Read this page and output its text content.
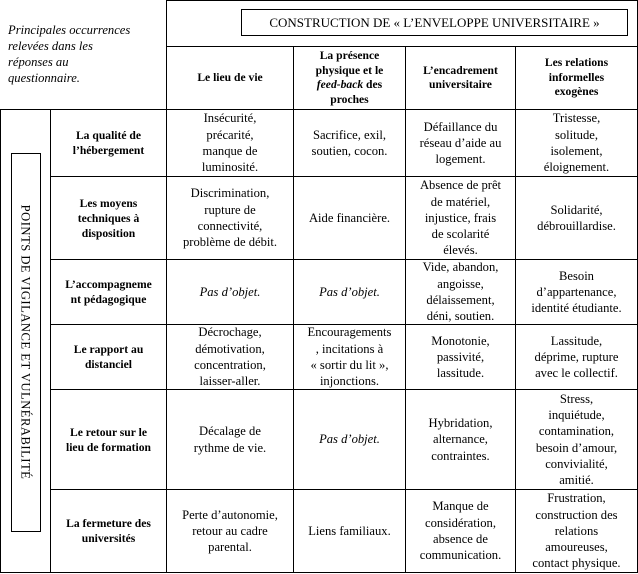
Principales occurrences
relevées dans les
réponses au
questionnaire.
CONSTRUCTION DE « L’ENVELOPPE UNIVERSITAIRE »
Le lieu de vie
La présence
physique et le
feed-back des
proches
L’encadrement
universitaire
Les relations
informelles
exogènes
POINTS DE VIGILANCE ET VULNÉRABILITÉ
La qualité de
l’hébergement
Insécurité,
précarité,
manque de
luminosité.
Sacrifice, exil,
soutien, cocon.
Défaillance du
réseau d’aide au
logement.
Tristesse,
solitude,
isolement,
éloignement.
Les moyens
techniques à
disposition
Discrimination,
rupture de
connectivité,
problème de débit.
Aide financière.
Absence de prêt
de matériel,
injustice, frais
de scolarité
élevés.
Solidarité,
débrouillardise.
L’accompagneme
nt pédagogique
Pas d’objet.	Pas d’objet.
Vide, abandon,
angoisse,
délaissement,
déni, soutien.
Besoin
d’appartenance,
identité étudiante.
Le rapport au
distanciel
Décrochage,
démotivation,
concentration,
laisser-aller.
Encouragements
, incitations à
« sortir du lit »,
injonctions.
Monotonie,
passivité,
lassitude.
Lassitude,
déprime, rupture
avec le collectif.
Le retour sur le
lieu de formation
Décalage de
rythme de vie.
Pas d’objet.
Hybridation,
alternance,
contraintes.
Stress,
inquiétude,
contamination,
besoin d’amour,
convivialité,
amitié.
La fermeture des
universités
Perte d’autonomie,
retour au cadre
parental.
Liens familiaux.
Manque de
considération,
absence de
communication.
Frustration,
construction des
relations
amoureuses,
contact physique.
